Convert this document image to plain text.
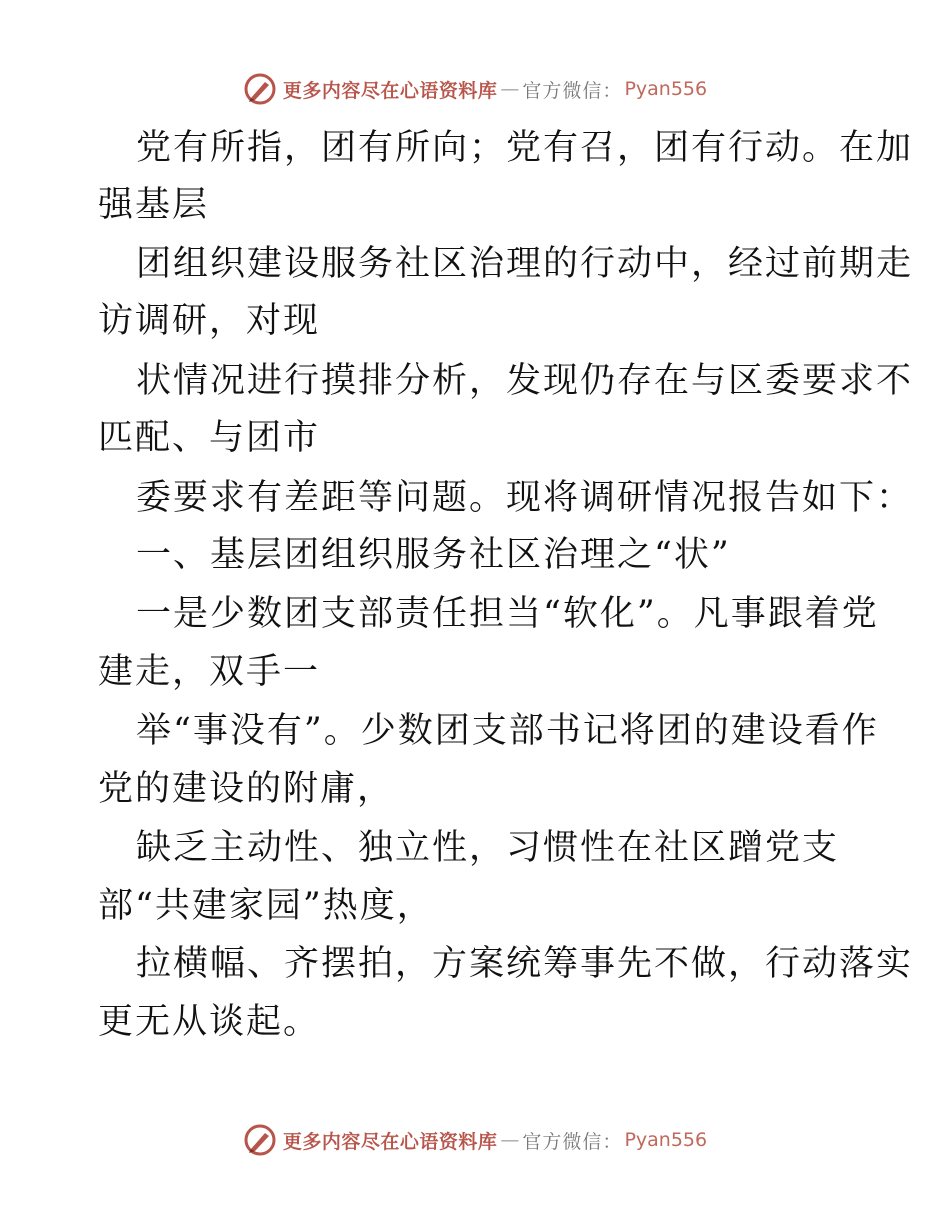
更多内容尽在心语资料库 — 官方微信： Pyan556
党有所指，团有所向；党有召，团有行动。在加
强基层
团组织建设服务社区治理的行动中，经过前期走
访调研，对现
状情况进行摸排分析，发现仍存在与区委要求不
匹配、与团市
委要求有差距等问题。现将调研情况报告如下：
一、基层团组织服务社区治理之“状”
一是少数团支部责任担当“软化”。凡事跟着党
建走，双手一
举“事没有”。少数团支部书记将团的建设看作
党的建设的附庸，
缺乏主动性、独立性，习惯性在社区蹭党支
部“共建家园”热度，
拉横幅、齐摆拍，方案统筹事先不做，行动落实
更无从谈起。
更多内容尽在心语资料库 — 官方微信： Pyan556
